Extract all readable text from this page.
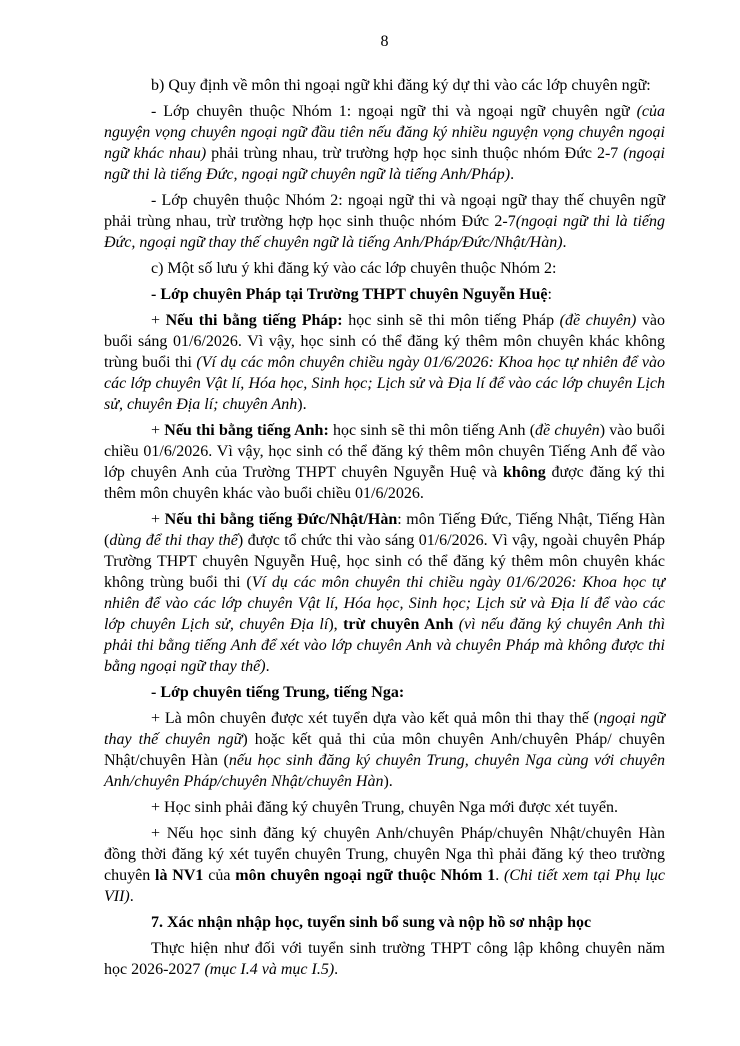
8

b) Quy định về môn thi ngoại ngữ khi đăng ký dự thi vào các lớp chuyên ngữ:

- Lớp chuyên thuộc Nhóm 1: ngoại ngữ thi và ngoại ngữ chuyên ngữ (của nguyện vọng chuyên ngoại ngữ đầu tiên nếu đăng ký nhiều nguyện vọng chuyên ngoại ngữ khác nhau) phải trùng nhau, trừ trường hợp học sinh thuộc nhóm Đức 2-7 (ngoại ngữ thi là tiếng Đức, ngoại ngữ chuyên ngữ là tiếng Anh/Pháp).

- Lớp chuyên thuộc Nhóm 2: ngoại ngữ thi và ngoại ngữ thay thế chuyên ngữ phải trùng nhau, trừ trường hợp học sinh thuộc nhóm Đức 2-7(ngoại ngữ thi là tiếng Đức, ngoại ngữ thay thế chuyên ngữ là tiếng Anh/Pháp/Đức/Nhật/Hàn).

c) Một số lưu ý khi đăng ký vào các lớp chuyên thuộc Nhóm 2:

- Lớp chuyên Pháp tại Trường THPT chuyên Nguyễn Huệ:

+ Nếu thi bằng tiếng Pháp: học sinh sẽ thi môn tiếng Pháp (đề chuyên) vào buổi sáng 01/6/2026. Vì vậy, học sinh có thể đăng ký thêm môn chuyên khác không trùng buổi thi (Ví dụ các môn chuyên chiều ngày 01/6/2026: Khoa học tự nhiên để vào các lớp chuyên Vật lí, Hóa học, Sinh học; Lịch sử và Địa lí để vào các lớp chuyên Lịch sử, chuyên Địa lí; chuyên Anh).

+ Nếu thi bằng tiếng Anh: học sinh sẽ thi môn tiếng Anh (đề chuyên) vào buổi chiều 01/6/2026. Vì vậy, học sinh có thể đăng ký thêm môn chuyên Tiếng Anh để vào lớp chuyên Anh của Trường THPT chuyên Nguyễn Huệ và không được đăng ký thi thêm môn chuyên khác vào buổi chiều 01/6/2026.

+ Nếu thi bằng tiếng Đức/Nhật/Hàn: môn Tiếng Đức, Tiếng Nhật, Tiếng Hàn (dùng để thi thay thế) được tổ chức thi vào sáng 01/6/2026. Vì vậy, ngoài chuyên Pháp Trường THPT chuyên Nguyễn Huệ, học sinh có thể đăng ký thêm môn chuyên khác không trùng buổi thi (Ví dụ các môn chuyên thi chiều ngày 01/6/2026: Khoa học tự nhiên để vào các lớp chuyên Vật lí, Hóa học, Sinh học; Lịch sử và Địa lí để vào các lớp chuyên Lịch sử, chuyên Địa lí), trừ chuyên Anh (vì nếu đăng ký chuyên Anh thì phải thi bằng tiếng Anh để xét vào lớp chuyên Anh và chuyên Pháp mà không được thi bằng ngoại ngữ thay thế).

- Lớp chuyên tiếng Trung, tiếng Nga:

+ Là môn chuyên được xét tuyển dựa vào kết quả môn thi thay thế (ngoại ngữ thay thế chuyên ngữ) hoặc kết quả thi của môn chuyên Anh/chuyên Pháp/ chuyên Nhật/chuyên Hàn (nếu học sinh đăng ký chuyên Trung, chuyên Nga cùng với chuyên Anh/chuyên Pháp/chuyên Nhật/chuyên Hàn).

+ Học sinh phải đăng ký chuyên Trung, chuyên Nga mới được xét tuyển.

+ Nếu học sinh đăng ký chuyên Anh/chuyên Pháp/chuyên Nhật/chuyên Hàn đồng thời đăng ký xét tuyển chuyên Trung, chuyên Nga thì phải đăng ký theo trường chuyên là NV1 của môn chuyên ngoại ngữ thuộc Nhóm 1. (Chi tiết xem tại Phụ lục VII).

7. Xác nhận nhập học, tuyển sinh bổ sung và nộp hồ sơ nhập học

Thực hiện như đối với tuyển sinh trường THPT công lập không chuyên năm học 2026-2027 (mục I.4 và mục I.5).
